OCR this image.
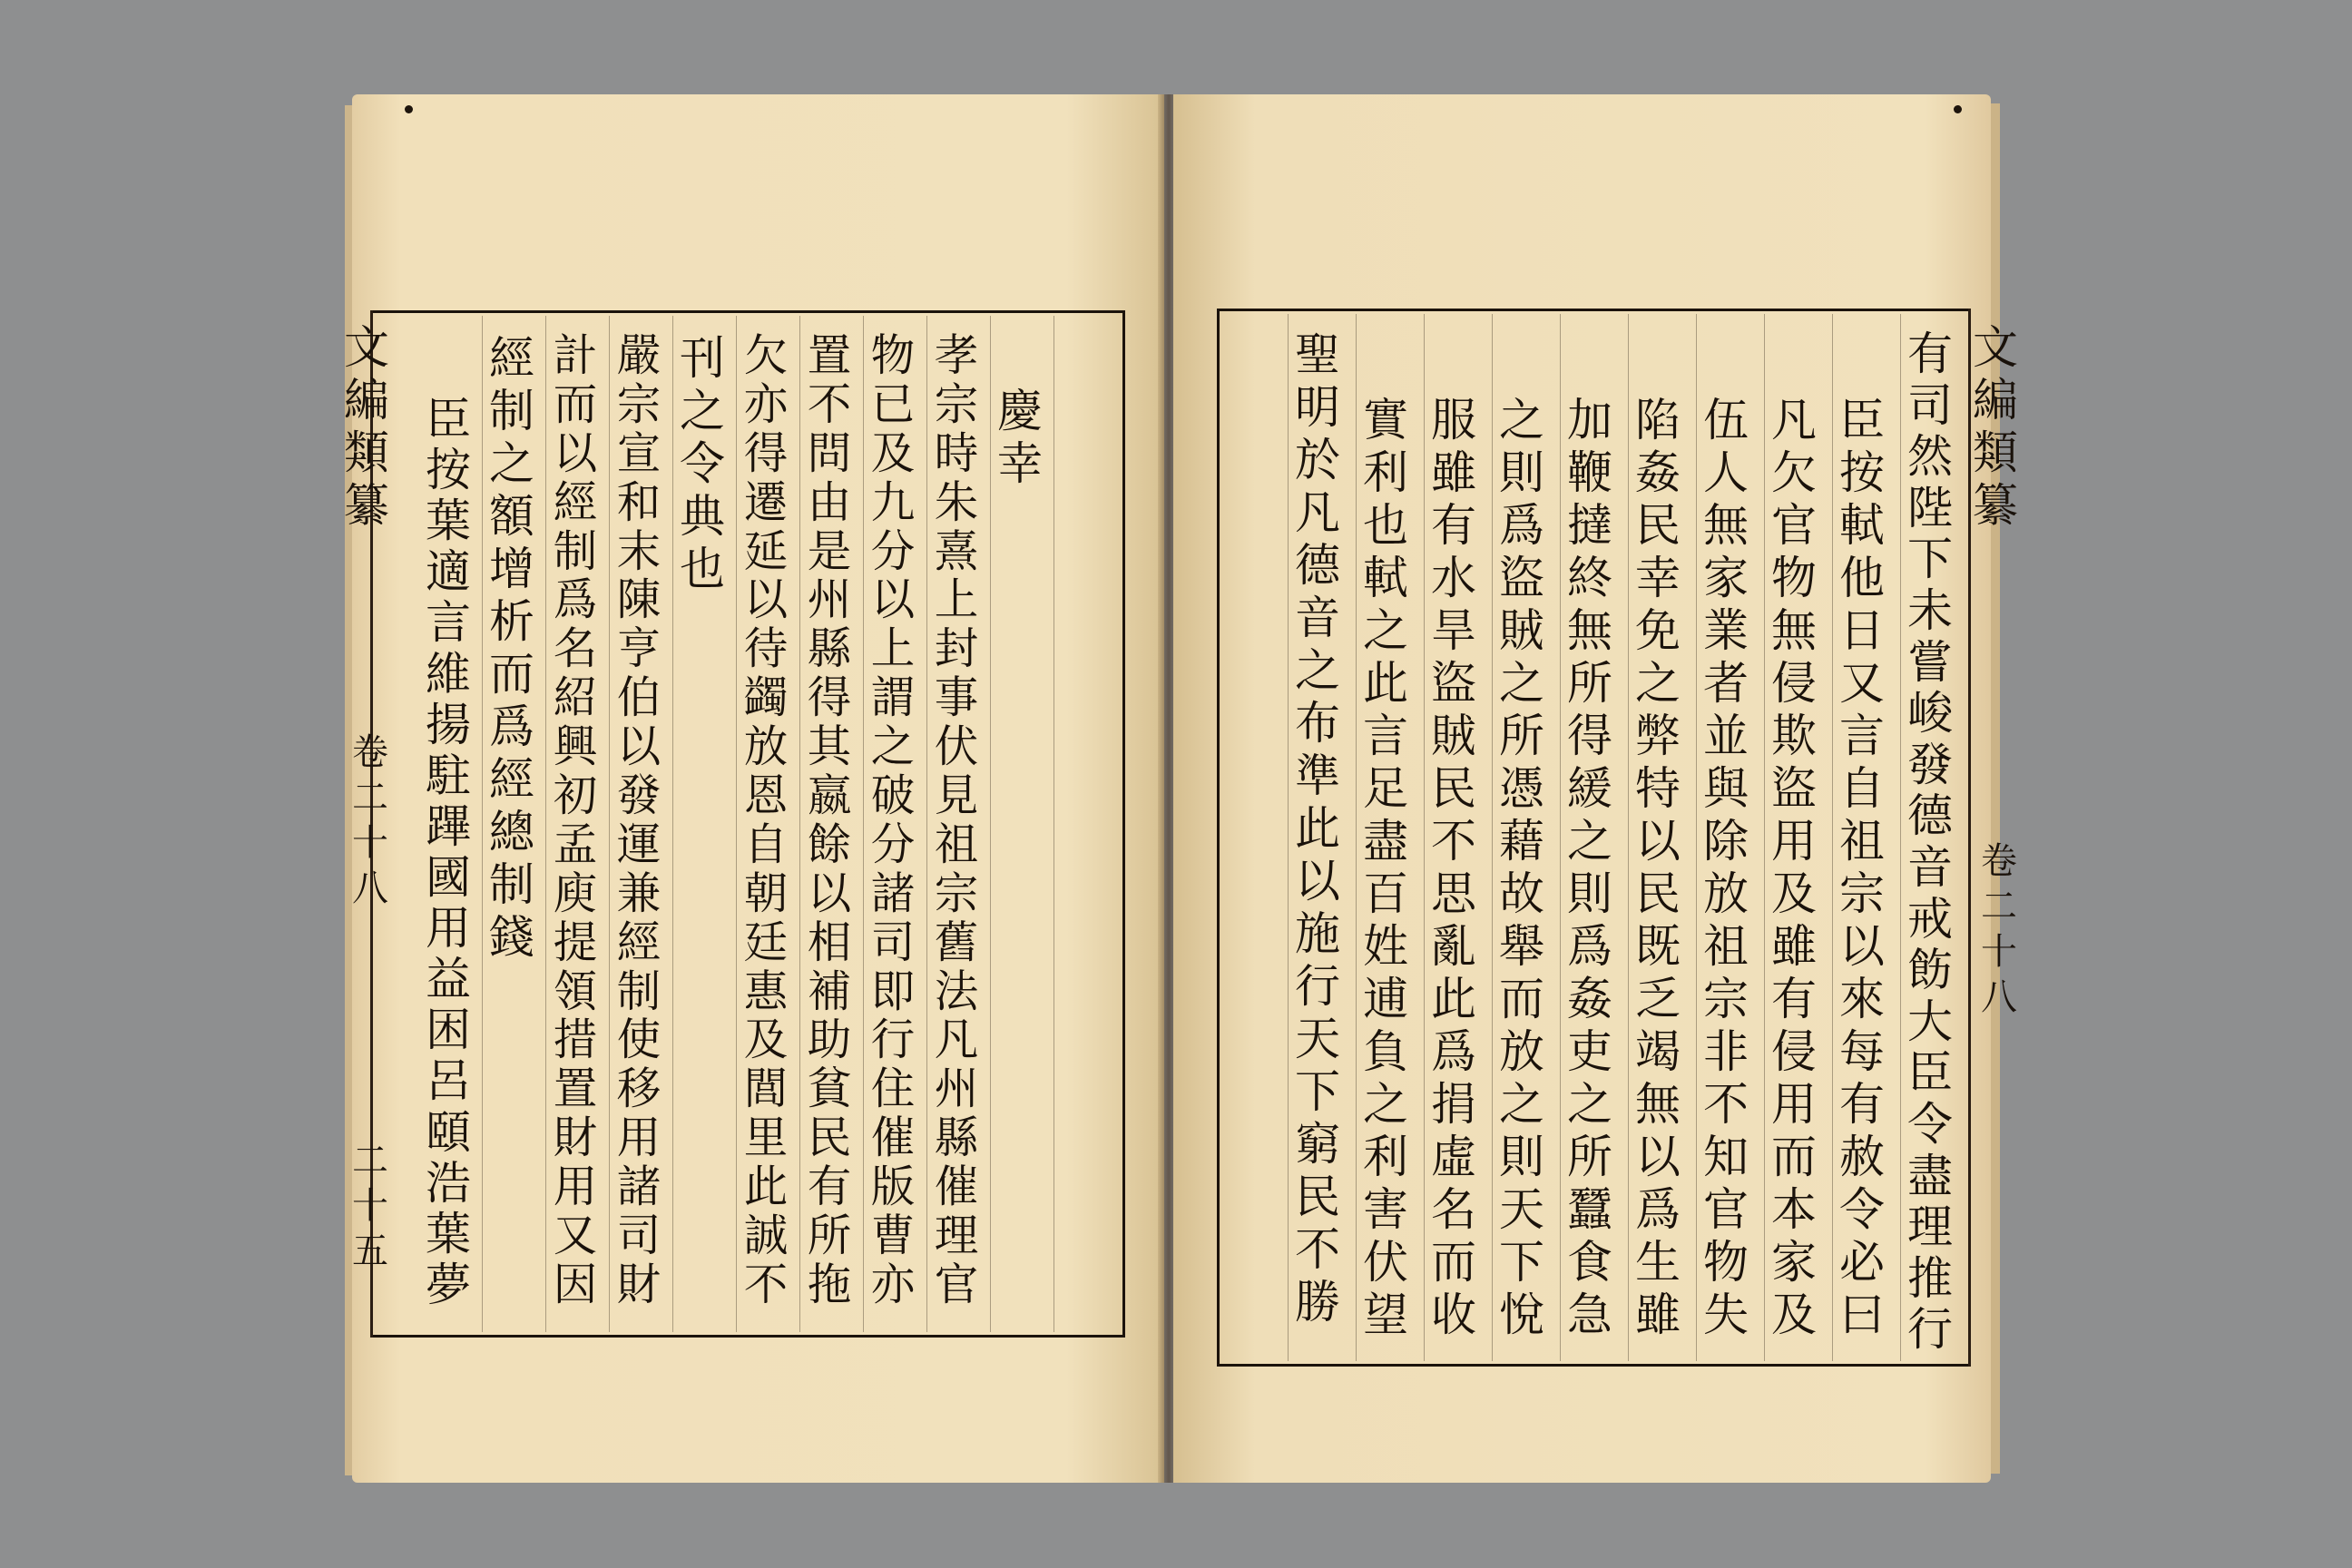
文
編
類
纂
卷
二
十
八
二
十
五
慶
幸
孝
宗
時
朱
熹
上
封
事
伏
見
祖
宗
舊
法
凡
州
縣
催
理
官
物
已
及
九
分
以
上
謂
之
破
分
諸
司
即
行
住
催
版
曹
亦
置
不
問
由
是
州
縣
得
其
嬴
餘
以
相
補
助
貧
民
有
所
拖
欠
亦
得
遷
延
以
待
蠲
放
恩
自
朝
廷
惠
及
閭
里
此
誠
不
刊
之
令
典
也
嚴
宗
宣
和
末
陳
亨
伯
以
發
運
兼
經
制
使
移
用
諸
司
財
計
而
以
經
制
爲
名
紹
興
初
孟
庾
提
領
措
置
財
用
又
因
經
制
之
額
增
析
而
爲
經
總
制
錢
臣
按
葉
適
言
維
揚
駐
蹕
國
用
益
困
呂
頤
浩
葉
夢
文
編
類
纂
卷
二
十
八
有
司
然
陛
下
未
嘗
峻
發
德
音
戒
飭
大
臣
令
盡
理
推
行
臣
按
軾
他
日
又
言
自
祖
宗
以
來
每
有
赦
令
必
曰
凡
欠
官
物
無
侵
欺
盜
用
及
雖
有
侵
用
而
本
家
及
伍
人
無
家
業
者
並
與
除
放
祖
宗
非
不
知
官
物
失
陷
姦
民
幸
免
之
弊
特
以
民
既
乏
竭
無
以
爲
生
雖
加
鞭
撻
終
無
所
得
緩
之
則
爲
姦
吏
之
所
蠶
食
急
之
則
爲
盜
賊
之
所
憑
藉
故
舉
而
放
之
則
天
下
悅
服
雖
有
水
旱
盜
賊
民
不
思
亂
此
爲
捐
虛
名
而
收
實
利
也
軾
之
此
言
足
盡
百
姓
逋
負
之
利
害
伏
望
聖
明
於
凡
德
音
之
布
準
此
以
施
行
天
下
窮
民
不
勝
